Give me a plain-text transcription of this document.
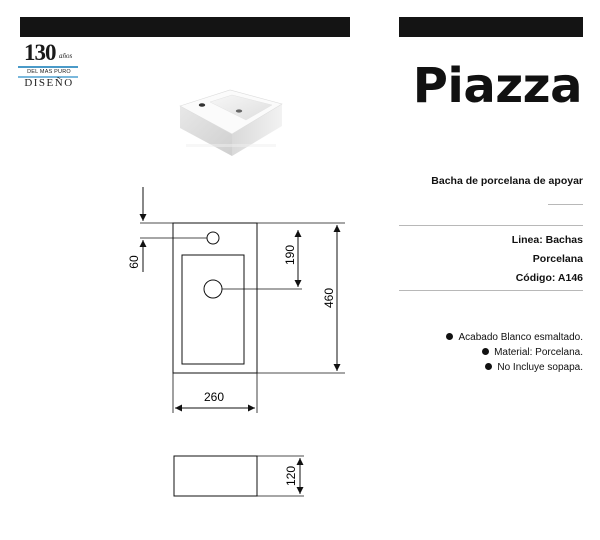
130 años
DEL MAS PURO
DISEÑO
60	190
460
260
120
Piazza
Bacha de porcelana de apoyar
Linea: Bachas
Porcelana
Código: A146
Acabado Blanco esmaltado.
Material: Porcelana.
No Incluye sopapa.
